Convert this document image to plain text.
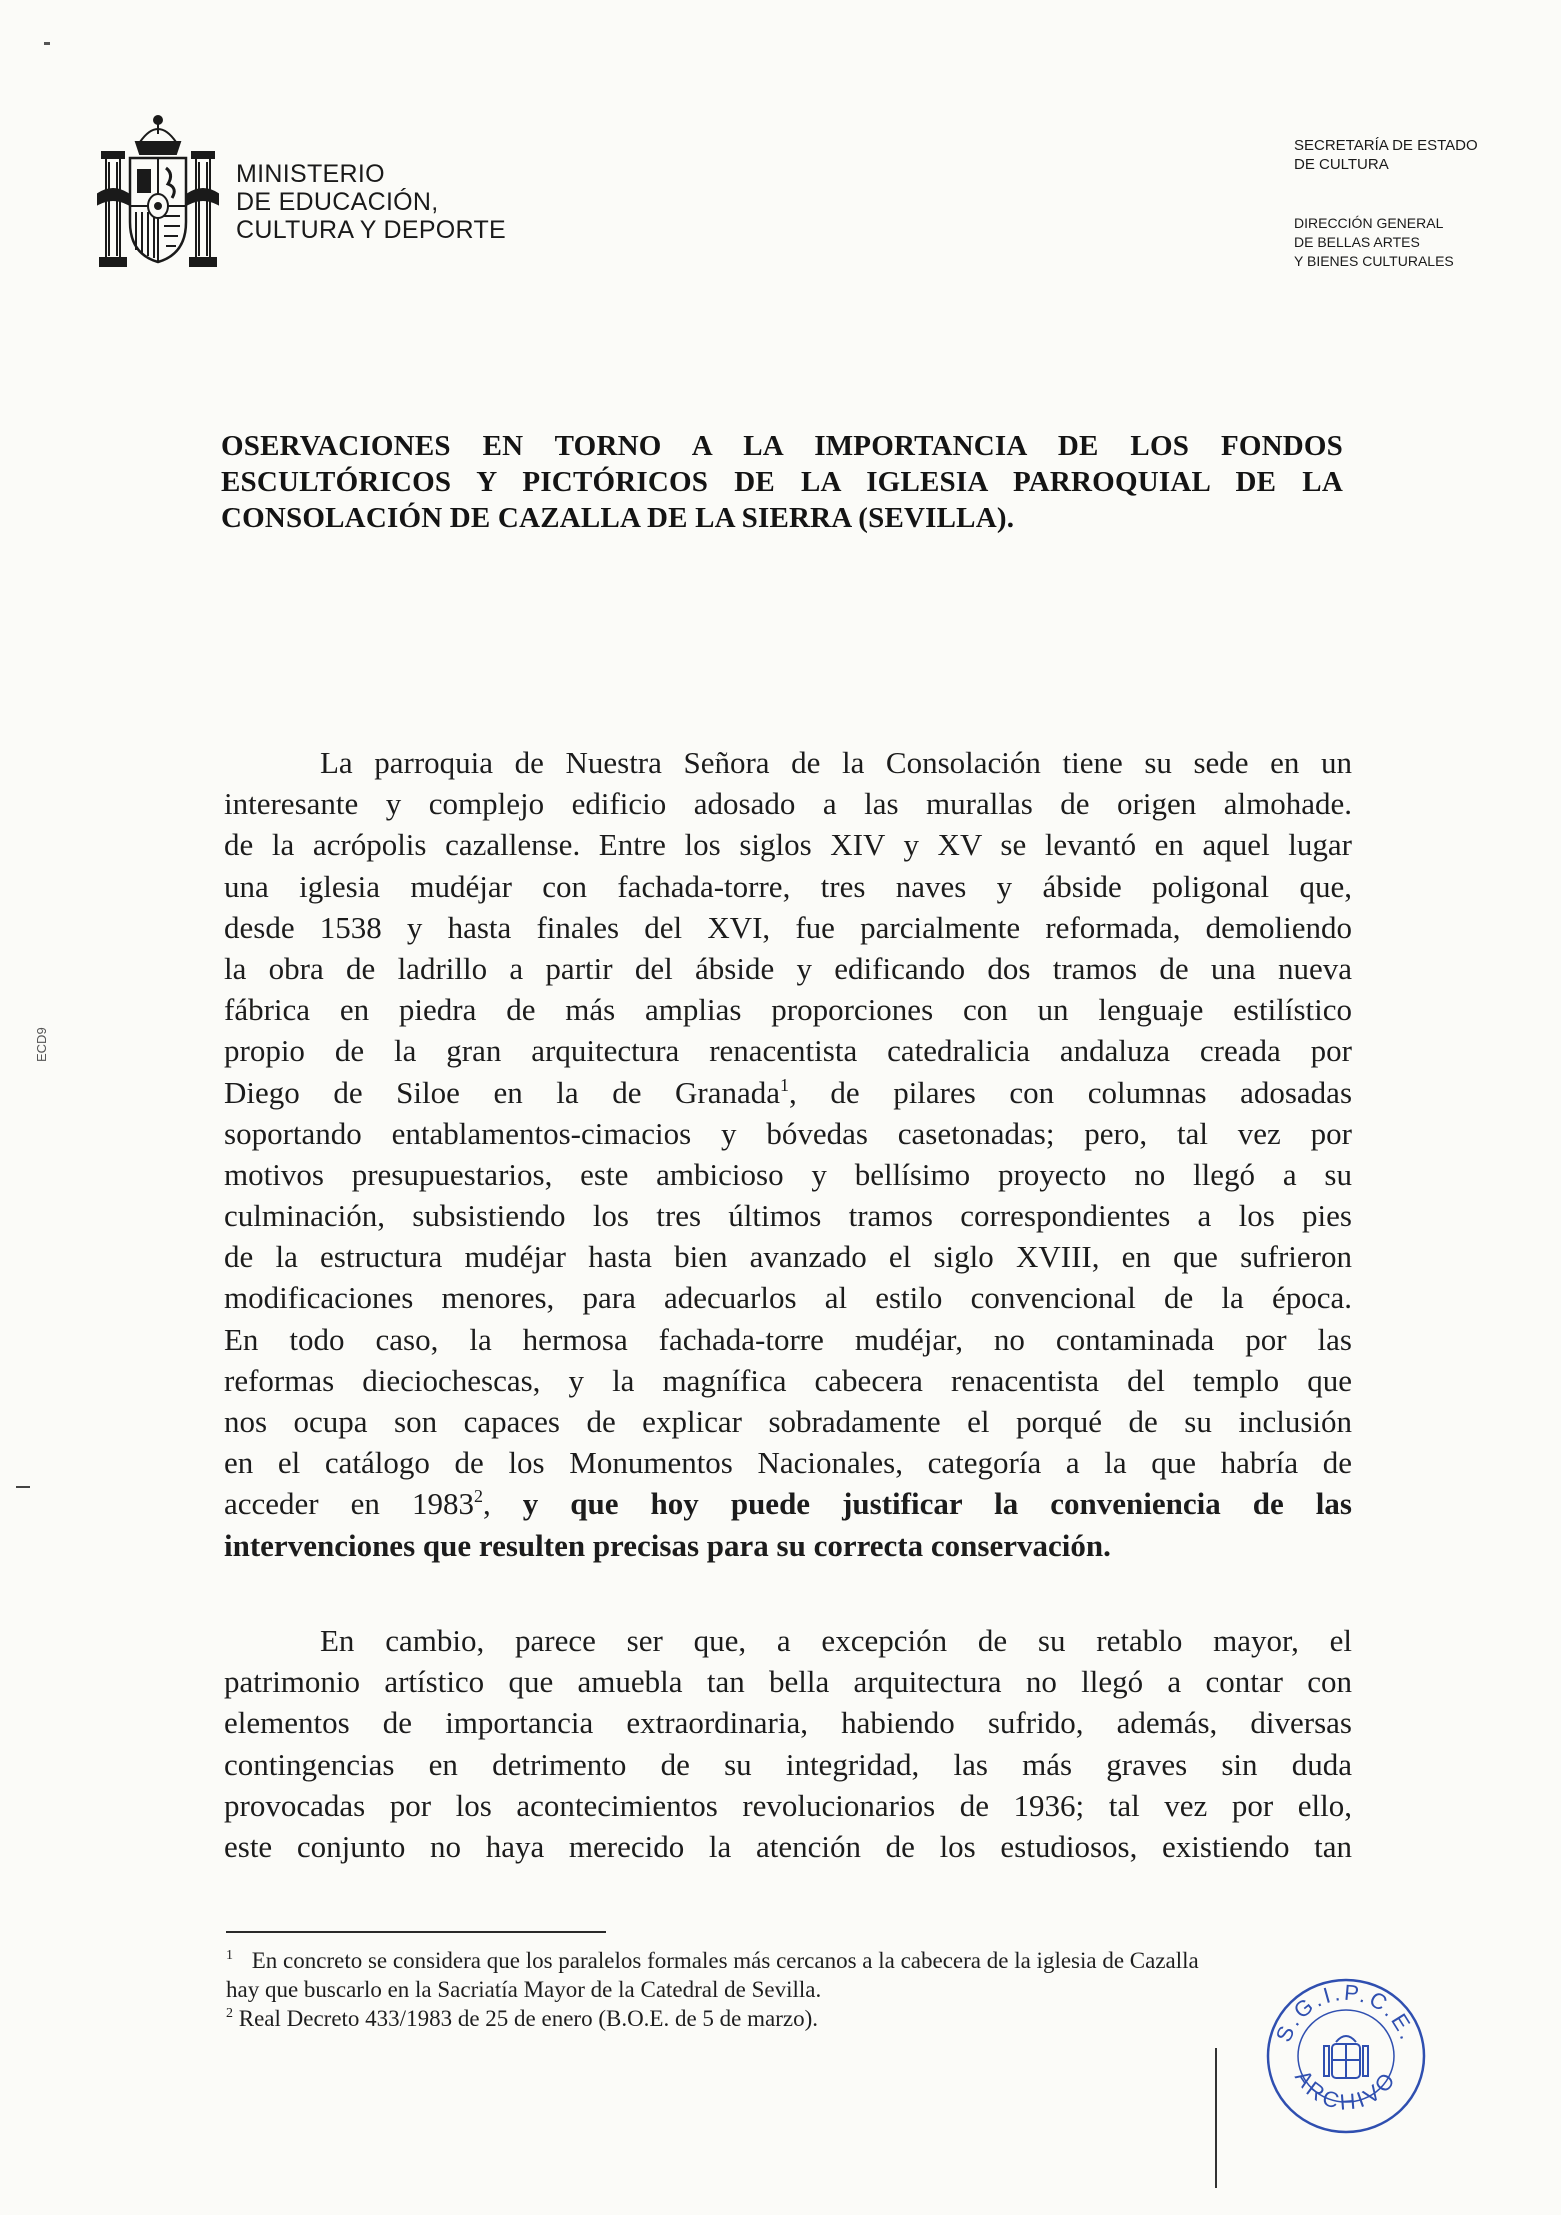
ECD9
MINISTERIO
DE EDUCACIÓN,
CULTURA Y DEPORTE
SECRETARÍA DE ESTADO
DE CULTURA
DIRECCIÓN GENERAL
DE BELLAS ARTES
Y BIENES CULTURALES
OSERVACIONES EN TORNO A LA IMPORTANCIA DE LOS FONDOS
ESCULTÓRICOS Y PICTÓRICOS DE LA IGLESIA PARROQUIAL DE LA
CONSOLACIÓN DE CAZALLA DE LA SIERRA (SEVILLA).
La parroquia de Nuestra Señora de la Consolación tiene su sede en un
interesante y complejo edificio adosado a las murallas de origen almohade.
de la acrópolis cazallense. Entre los siglos XIV y XV se levantó en aquel lugar
una iglesia mudéjar con fachada-torre, tres naves y ábside poligonal que,
desde 1538 y hasta finales del XVI, fue parcialmente reformada, demoliendo
la obra de ladrillo a partir del ábside y edificando dos tramos de una nueva
fábrica en piedra de más amplias proporciones con un lenguaje estilístico
propio de la gran arquitectura renacentista catedralicia andaluza creada por
Diego de Siloe en la de Granada$^1$, de pilares con columnas adosadas
soportando entablamentos-cimacios y bóvedas casetonadas; pero, tal vez por
motivos presupuestarios, este ambicioso y bellísimo proyecto no llegó a su
culminación, subsistiendo los tres últimos tramos correspondientes a los pies
de la estructura mudéjar hasta bien avanzado el siglo XVIII, en que sufrieron
modificaciones menores, para adecuarlos al estilo convencional de la época.
En todo caso, la hermosa fachada-torre mudéjar, no contaminada por las
reformas dieciochescas, y la magnífica cabecera renacentista del templo que
nos ocupa son capaces de explicar sobradamente el porqué de su inclusión
en el catálogo de los Monumentos Nacionales, categoría a la que habría de
acceder en 1983$^2$, y que hoy puede justificar la conveniencia de las
intervenciones que resulten precisas para su correcta conservación.
En cambio, parece ser que, a excepción de su retablo mayor, el
patrimonio artístico que amuebla tan bella arquitectura no llegó a contar con
elementos de importancia extraordinaria, habiendo sufrido, además, diversas
contingencias en detrimento de su integridad, las más graves sin duda
provocadas por los acontecimientos revolucionarios de 1936; tal vez por ello,
este conjunto no haya merecido la atención de los estudiosos, existiendo tan
$^1$ En concreto se considera que los paralelos formales más cercanos a la cabecera de la iglesia de Cazalla
hay que buscarlo en la Sacriatía Mayor de la Catedral de Sevilla.
$^2$ Real Decreto 433/1983 de 25 de enero (B.O.E. de 5 de marzo).
S.G.I.P.C.E.
ARCHIVO
